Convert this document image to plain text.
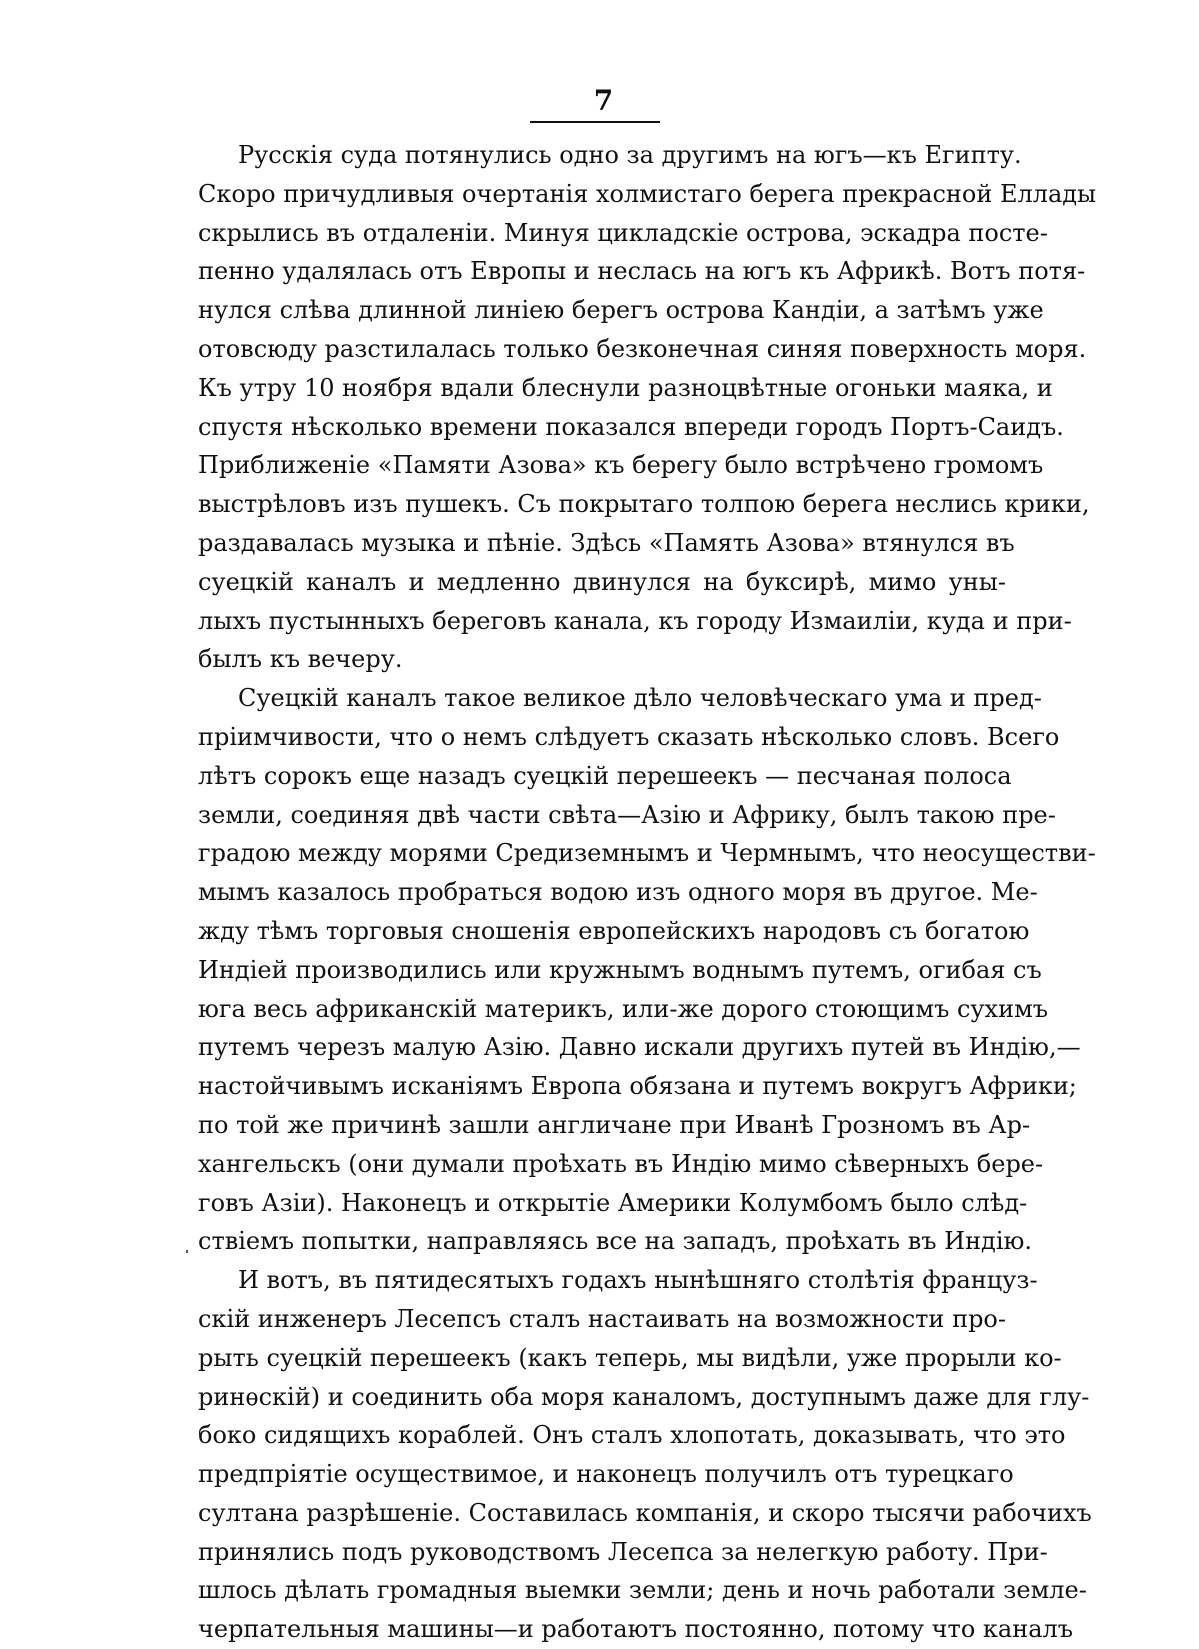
7
Русскія суда потянулись одно за другимъ на югъ—къ Египту.
Скоро причудливыя очертанія холмистаго берега прекрасной Еллады
скрылись въ отдаленіи. Минуя цикладскіе острова, эскадра посте-
пенно удалялась отъ Европы и неслась на югъ къ Африкѣ. Вотъ потя-
нулся слѣва длинной линіею берегъ острова Кандіи, а затѣмъ уже
отовсюду разстилалась только безконечная синяя поверхность моря.
Къ утру 10 ноября вдали блеснули разноцвѣтные огоньки маяка, и
спустя нѣсколько времени показался впереди городъ Портъ-Саидъ.
Приближеніе «Памяти Азова» къ берегу было встрѣчено громомъ
выстрѣловъ изъ пушекъ. Съ покрытаго толпою берега неслись крики,
раздавалась музыка и пѣніе. Здѣсь «Память Азова» втянулся въ
суецкій каналъ и медленно двинулся на буксирѣ, мимо уны-
лыхъ пустынныхъ береговъ канала, къ городу Измаиліи, куда и при-
былъ къ вечеру.
Суецкій каналъ такое великое дѣло человѣческаго ума и пред-
пріимчивости, что о немъ слѣдуетъ сказать нѣсколько словъ. Всего
лѣтъ сорокъ еще назадъ суецкій перешеекъ — песчаная полоса
земли, соединяя двѣ части свѣта—Азію и Африку, былъ такою пре-
градою между морями Средиземнымъ и Чермнымъ, что неосуществи-
мымъ казалось пробраться водою изъ одного моря въ другое. Ме-
жду тѣмъ торговыя сношенія европейскихъ народовъ съ богатою
Индіей производились или кружнымъ воднымъ путемъ, огибая съ
юга весь африканскій материкъ, или-же дорого стоющимъ сухимъ
путемъ черезъ малую Азію. Давно искали другихъ путей въ Индію,—
настойчивымъ исканіямъ Европа обязана и путемъ вокругъ Африки;
по той же причинѣ зашли англичане при Иванѣ Грозномъ въ Ар-
хангельскъ (они думали проѣхать въ Индію мимо сѣверныхъ бере-
говъ Азіи). Наконецъ и открытіе Америки Колумбомъ было слѣд-
ствіемъ попытки, направляясь все на западъ, проѣхать въ Индію.
И вотъ, въ пятидесятыхъ годахъ нынѣшняго столѣтія француз-
скій инженеръ Лесепсъ сталъ настаивать на возможности про-
рыть суецкій перешеекъ (какъ теперь, мы видѣли, уже прорыли ко-
ринѳскій) и соединить оба моря каналомъ, доступнымъ даже для глу-
боко сидящихъ кораблей. Онъ сталъ хлопотать, доказывать, что это
предпріятіе осуществимое, и наконецъ получилъ отъ турецкаго
султана разрѣшеніе. Составилась компанія, и скоро тысячи рабочихъ
принялись подъ руководствомъ Лесепса за нелегкую работу. При-
шлось дѣлать громадныя выемки земли; день и ночь работали земле-
черпательныя машины—и работаютъ постоянно, потому что каналъ
